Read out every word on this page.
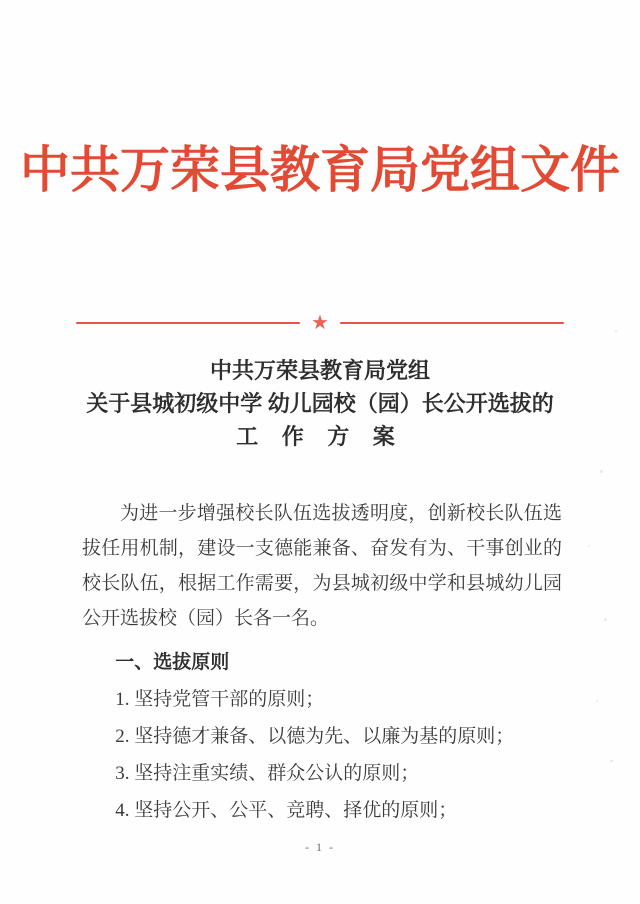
中共万荣县教育局党组文件
★
中共万荣县教育局党组
关于县城初级中学 幼儿园校（园）长公开选拔的
工 作 方 案

为进一步增强校长队伍选拔透明度，创新校长队伍选拔任用机制，建设一支德能兼备、奋发有为、干事创业的校长队伍，根据工作需要，为县城初级中学和县城幼儿园公开选拔校（园）长各一名。

一、选拔原则

1. 坚持党管干部的原则；
2. 坚持德才兼备、以德为先、以廉为基的原则；
3. 坚持注重实绩、群众公认的原则；
4. 坚持公开、公平、竞聘、择优的原则；
- 1 -
